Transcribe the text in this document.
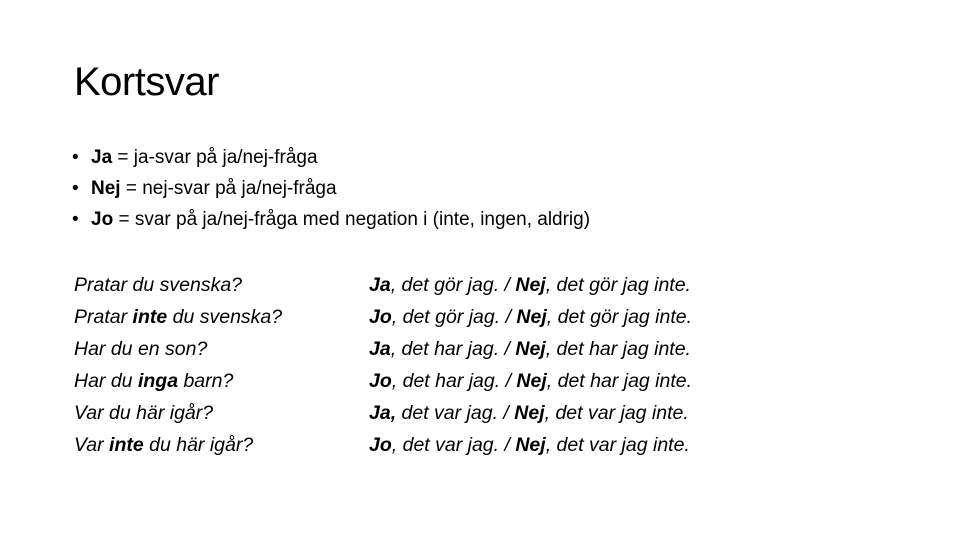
Kortsvar
• Ja = ja-svar på ja/nej-fråga
• Nej = nej-svar på ja/nej-fråga
• Jo = svar på ja/nej-fråga med negation i (inte, ingen, aldrig)
Pratar du svenska?
Pratar inte du svenska?
Har du en son?
Har du inga barn?
Var du här igår?
Var inte du här igår?
Ja, det gör jag. / Nej, det gör jag inte.
Jo, det gör jag. / Nej, det gör jag inte.
Ja, det har jag. / Nej, det har jag inte.
Jo, det har jag. / Nej, det har jag inte.
Ja, det var jag. / Nej, det var jag inte.
Jo, det var jag. / Nej, det var jag inte.
